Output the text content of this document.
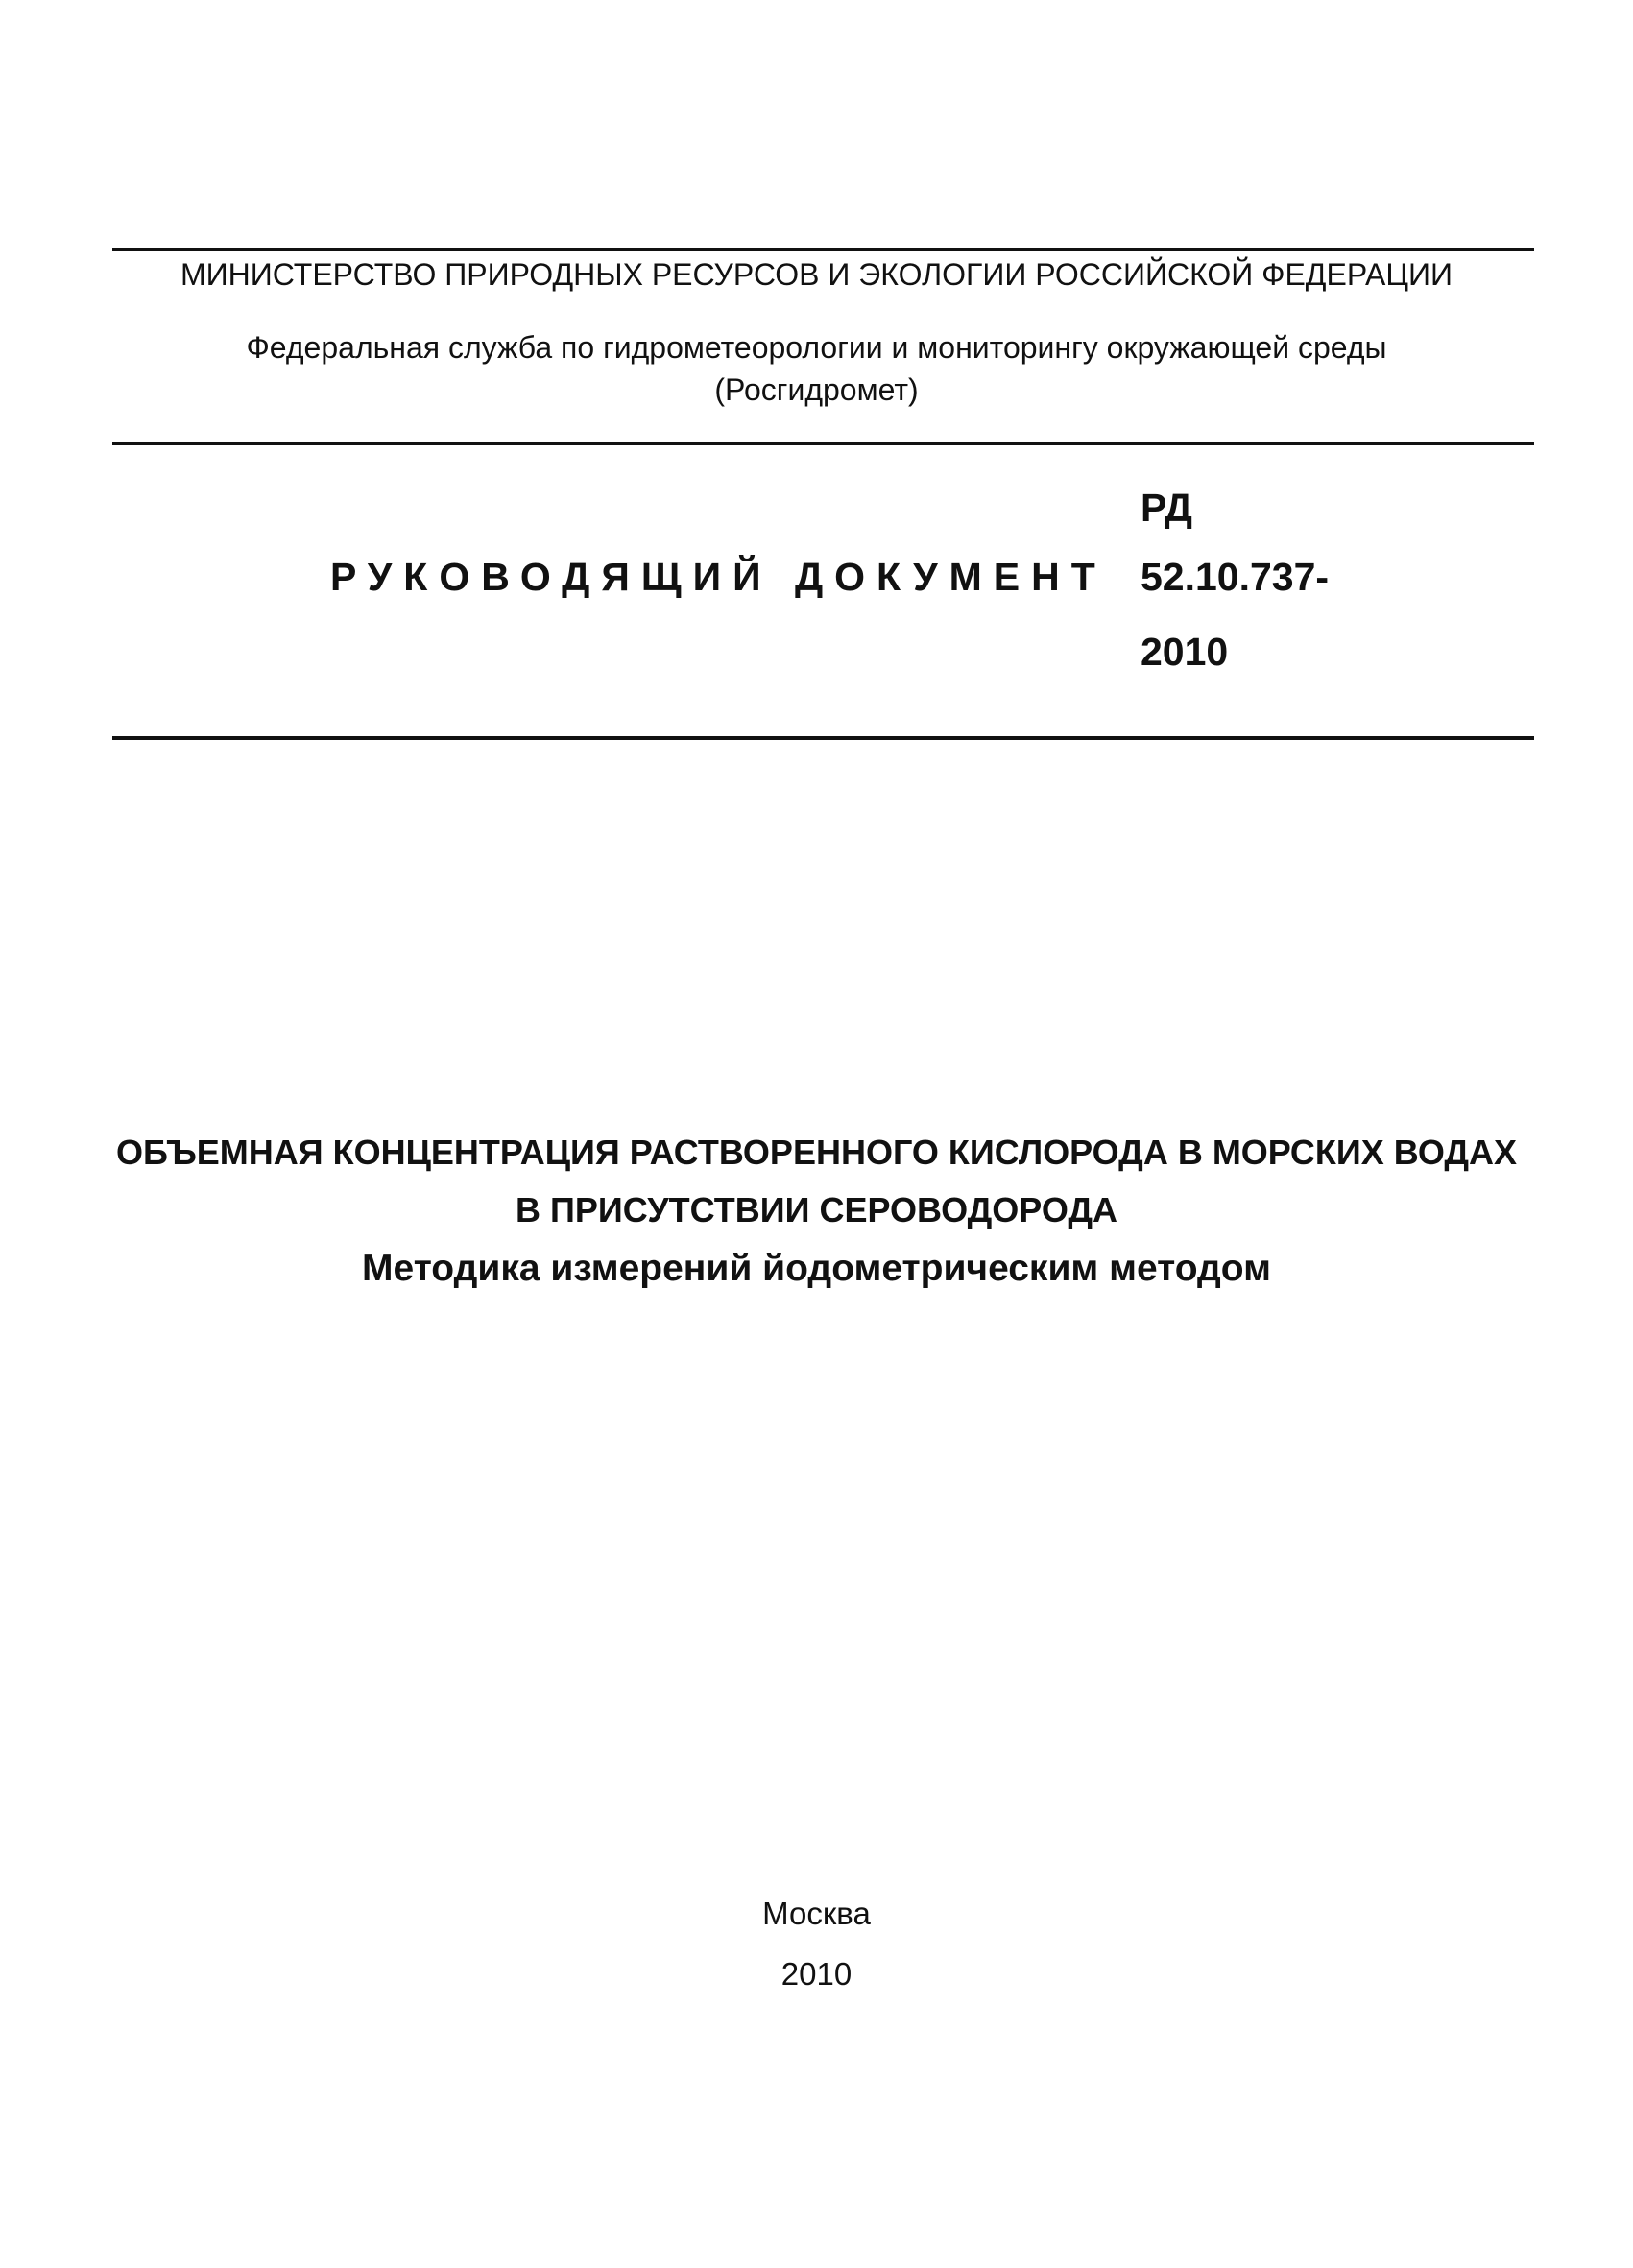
МИНИСТЕРСТВО ПРИРОДНЫХ РЕСУРСОВ И ЭКОЛОГИИ РОССИЙСКОЙ ФЕДЕРАЦИИ
Федеральная служба по гидрометеорологии и мониторингу окружающей среды
(Росгидромет)
РУКОВОДЯЩИЙ ДОКУМЕНТ
РД
52.10.737-
2010
ОБЪЕМНАЯ КОНЦЕНТРАЦИЯ РАСТВОРЕННОГО КИСЛОРОДА В МОРСКИХ ВОДАХ
В ПРИСУТСТВИИ СЕРОВОДОРОДА
Методика измерений йодометрическим методом
Москва
2010
